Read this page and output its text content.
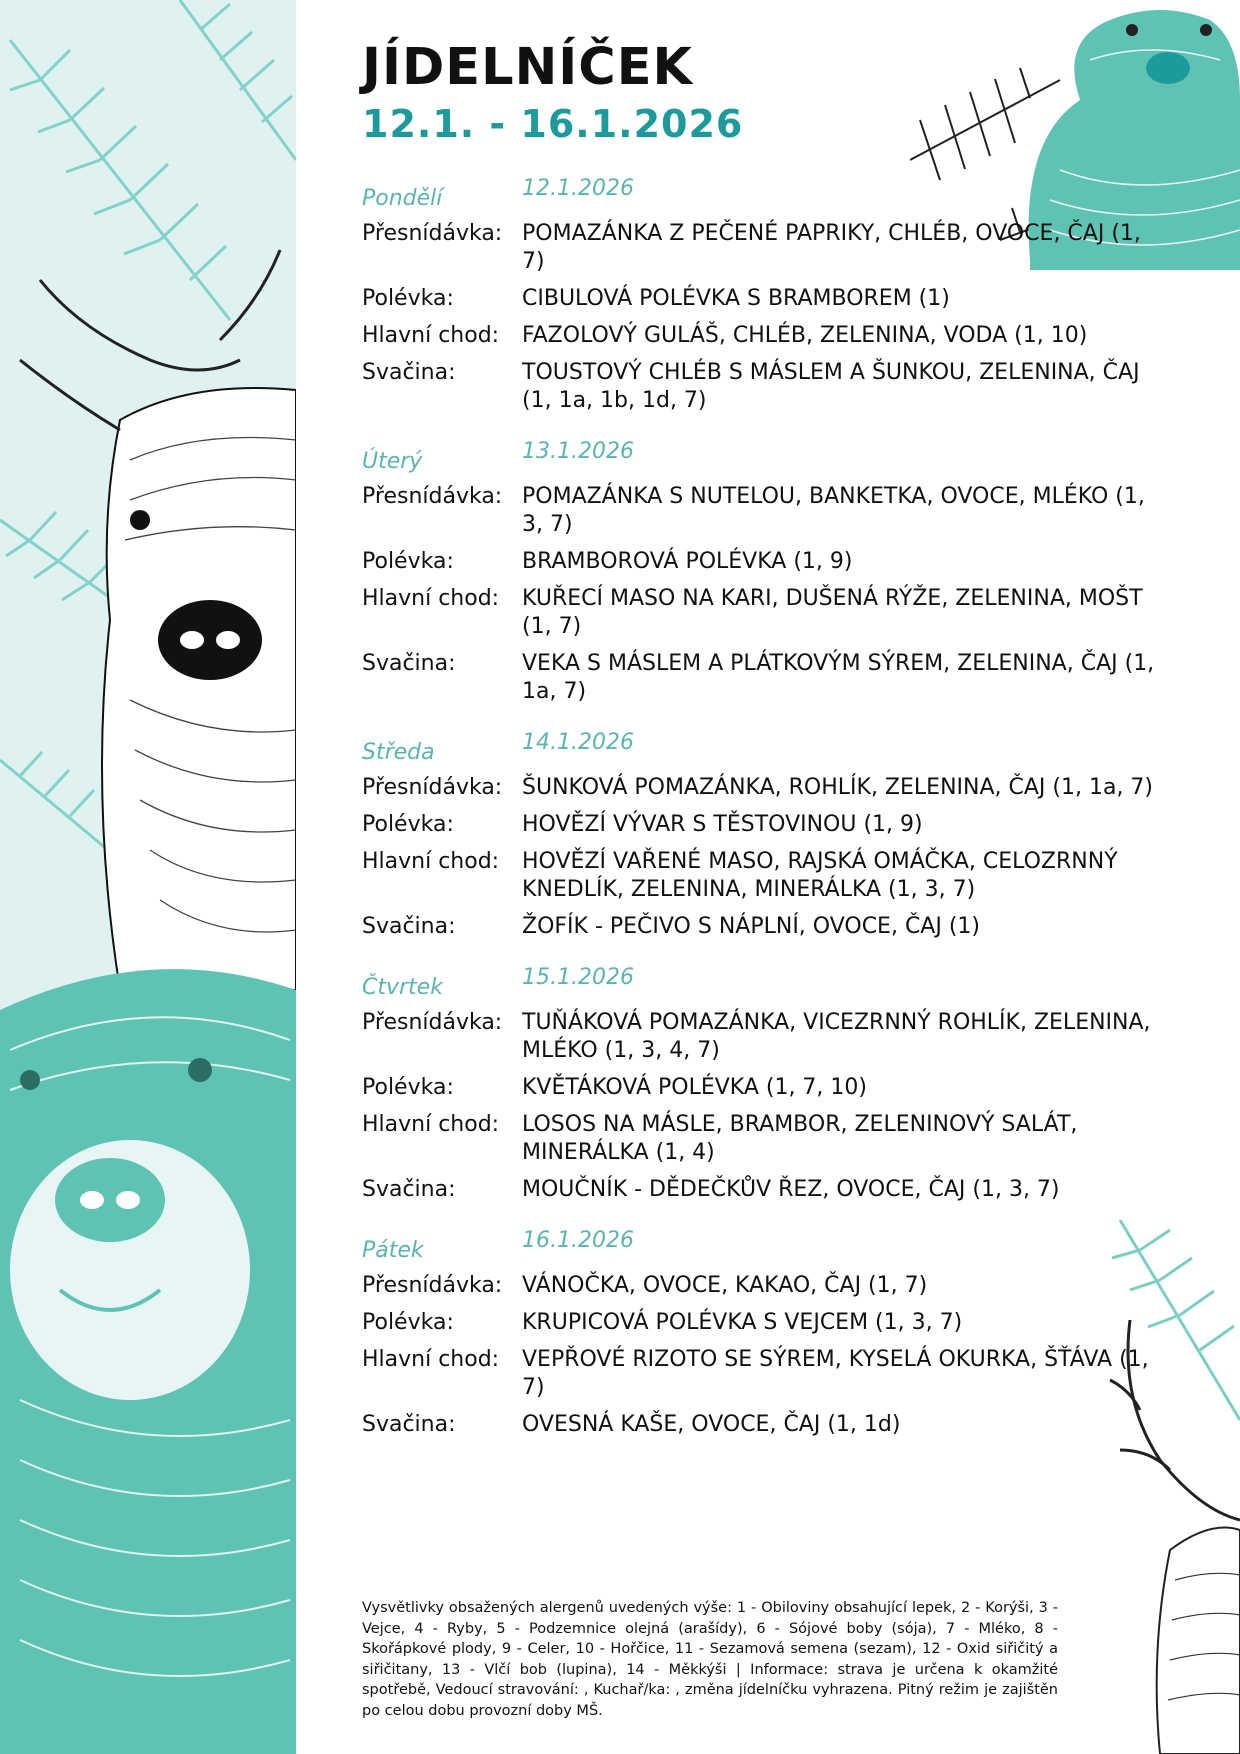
JÍDELNÍČEK
12.1. - 16.1.2026
Pondělí	12.1.2026
Přesnídávka: POMAZÁNKA Z PEČENÉ PAPRIKY, CHLÉB, OVOCE, ČAJ (1, 7)
Polévka:	CIBULOVÁ POLÉVKA S BRAMBOREM (1)
Hlavní chod:	FAZOLOVÝ GULÁŠ, CHLÉB, ZELENINA, VODA (1, 10)
Svačina:	TOUSTOVÝ CHLÉB S MÁSLEM A ŠUNKOU, ZELENINA, ČAJ (1, 1a, 1b, 1d, 7)
Úterý	13.1.2026
Přesnídávka: POMAZÁNKA S NUTELOU, BANKETKA, OVOCE, MLÉKO (1, 3, 7)
Polévka:	BRAMBOROVÁ POLÉVKA (1, 9)
Hlavní chod:	KUŘECÍ MASO NA KARI, DUŠENÁ RÝŽE, ZELENINA, MOŠT (1, 7)
Svačina:	VEKA S MÁSLEM A PLÁTKOVÝM SÝREM, ZELENINA, ČAJ (1, 1a, 7)
Středa	14.1.2026
Přesnídávka: ŠUNKOVÁ POMAZÁNKA, ROHLÍK, ZELENINA, ČAJ (1, 1a, 7)
Polévka:	HOVĚZÍ VÝVAR S TĚSTOVINOU (1, 9)
Hlavní chod:	HOVĚZÍ VAŘENÉ MASO, RAJSKÁ OMÁČKA, CELOZRNNÝ KNEDLÍK, ZELENINA, MINERÁLKA (1, 3, 7)
Svačina:	ŽOFÍK - PEČIVO S NÁPLNÍ, OVOCE, ČAJ (1)
Čtvrtek	15.1.2026
Přesnídávka: TUŇÁKOVÁ POMAZÁNKA, VICEZRNNÝ ROHLÍK, ZELENINA, MLÉKO (1, 3, 4, 7)
Polévka:	KVĚTÁKOVÁ POLÉVKA (1, 7, 10)
Hlavní chod:	LOSOS NA MÁSLE, BRAMBOR, ZELENINOVÝ SALÁT, MINERÁLKA (1, 4)
Svačina:	MOUČNÍK - DĚDEČKŮV ŘEZ, OVOCE, ČAJ (1, 3, 7)
Pátek	16.1.2026
Přesnídávka: VÁNOČKA, OVOCE, KAKAO, ČAJ (1, 7)
Polévka:	KRUPICOVÁ POLÉVKA S VEJCEM (1, 3, 7)
Hlavní chod:	VEPŘOVÉ RIZOTO SE SÝREM, KYSELÁ OKURKA, ŠŤÁVA (1, 7)
Svačina:	OVESNÁ KAŠE, OVOCE, ČAJ (1, 1d)
Vysvětlivky obsažených alergenů uvedených výše: 1 - Obiloviny obsahující lepek, 2 - Korýši, 3 - Vejce, 4 - Ryby, 5 - Podzemnice olejná (arašídy), 6 - Sójové boby (sója), 7 - Mléko, 8 - Skořápkové plody, 9 - Celer, 10 - Hořčice, 11 - Sezamová semena (sezam), 12 - Oxid siřičitý a siřičitany, 13 - Vlčí bob (lupina), 14 - Měkkýši | Informace: strava je určena k okamžité spotřebě, Vedoucí stravování: , Kuchař/ka: , změna jídelníčku vyhrazena. Pitný režim je zajištěn po celou dobu provozní doby MŠ.
